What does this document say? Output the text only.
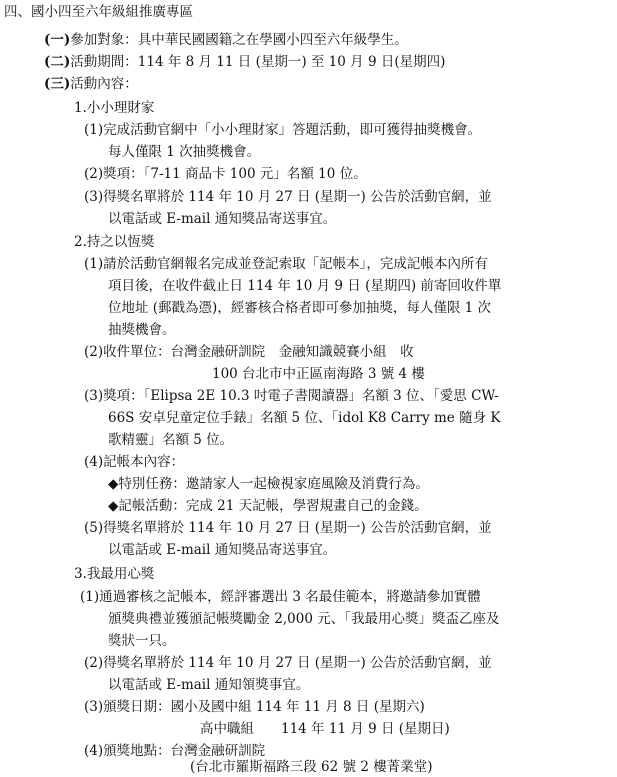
四、國小四至六年級組推廣專區
(一)參加對象：具中華民國國籍之在學國小四至六年級學生。
(二)活動期間：114 年 8 月 11 日 (星期一) 至 10 月 9 日(星期四)
(三)活動內容：
1.小小理財家
(1)完成活動官網中「小小理財家」答題活動，即可獲得抽獎機會。
每人僅限 1 次抽獎機會。
(2)獎項：「7-11 商品卡 100 元」名額 10 位。
(3)得獎名單將於 114 年 10 月 27 日 (星期一) 公告於活動官網，並
以電話或 E-mail 通知獎品寄送事宜。
2.持之以恆獎
(1)請於活動官網報名完成並登記索取「記帳本」，完成記帳本內所有
項目後，在收件截止日 114 年 10 月 9 日 (星期四) 前寄回收件單
位地址 (郵戳為憑)，經審核合格者即可參加抽獎，每人僅限 1 次
抽獎機會。
(2)收件單位：台灣金融研訓院　金融知識競賽小組　收
100 台北市中正區南海路 3 號 4 樓
(3)獎項：「Elipsa 2E 10.3 吋電子書閱讀器」名額 3 位、「愛思 CW-
66S 安卓兒童定位手錶」名額 5 位、「idol K8 Carry me 隨身 K
歌精靈」名額 5 位。
(4)記帳本內容：
◆特別任務：邀請家人一起檢視家庭風險及消費行為。
◆記帳活動：完成 21 天記帳，學習規畫自己的金錢。
(5)得獎名單將於 114 年 10 月 27 日 (星期一) 公告於活動官網，並
以電話或 E-mail 通知獎品寄送事宜。
3.我最用心獎
(1)通過審核之記帳本，經評審選出 3 名最佳範本，將邀請參加實體
頒獎典禮並獲頒記帳獎勵金 2,000 元、「我最用心獎」獎盃乙座及
獎狀一只。
(2)得獎名單將於 114 年 10 月 27 日 (星期一) 公告於活動官網，並
以電話或 E-mail 通知領獎事宜。
(3)頒獎日期：國小及國中組 114 年 11 月 8 日 (星期六)
高中職組　　114 年 11 月 9 日 (星期日)
(4)頒獎地點：台灣金融研訓院
(台北市羅斯福路三段 62 號 2 樓菁業堂)
